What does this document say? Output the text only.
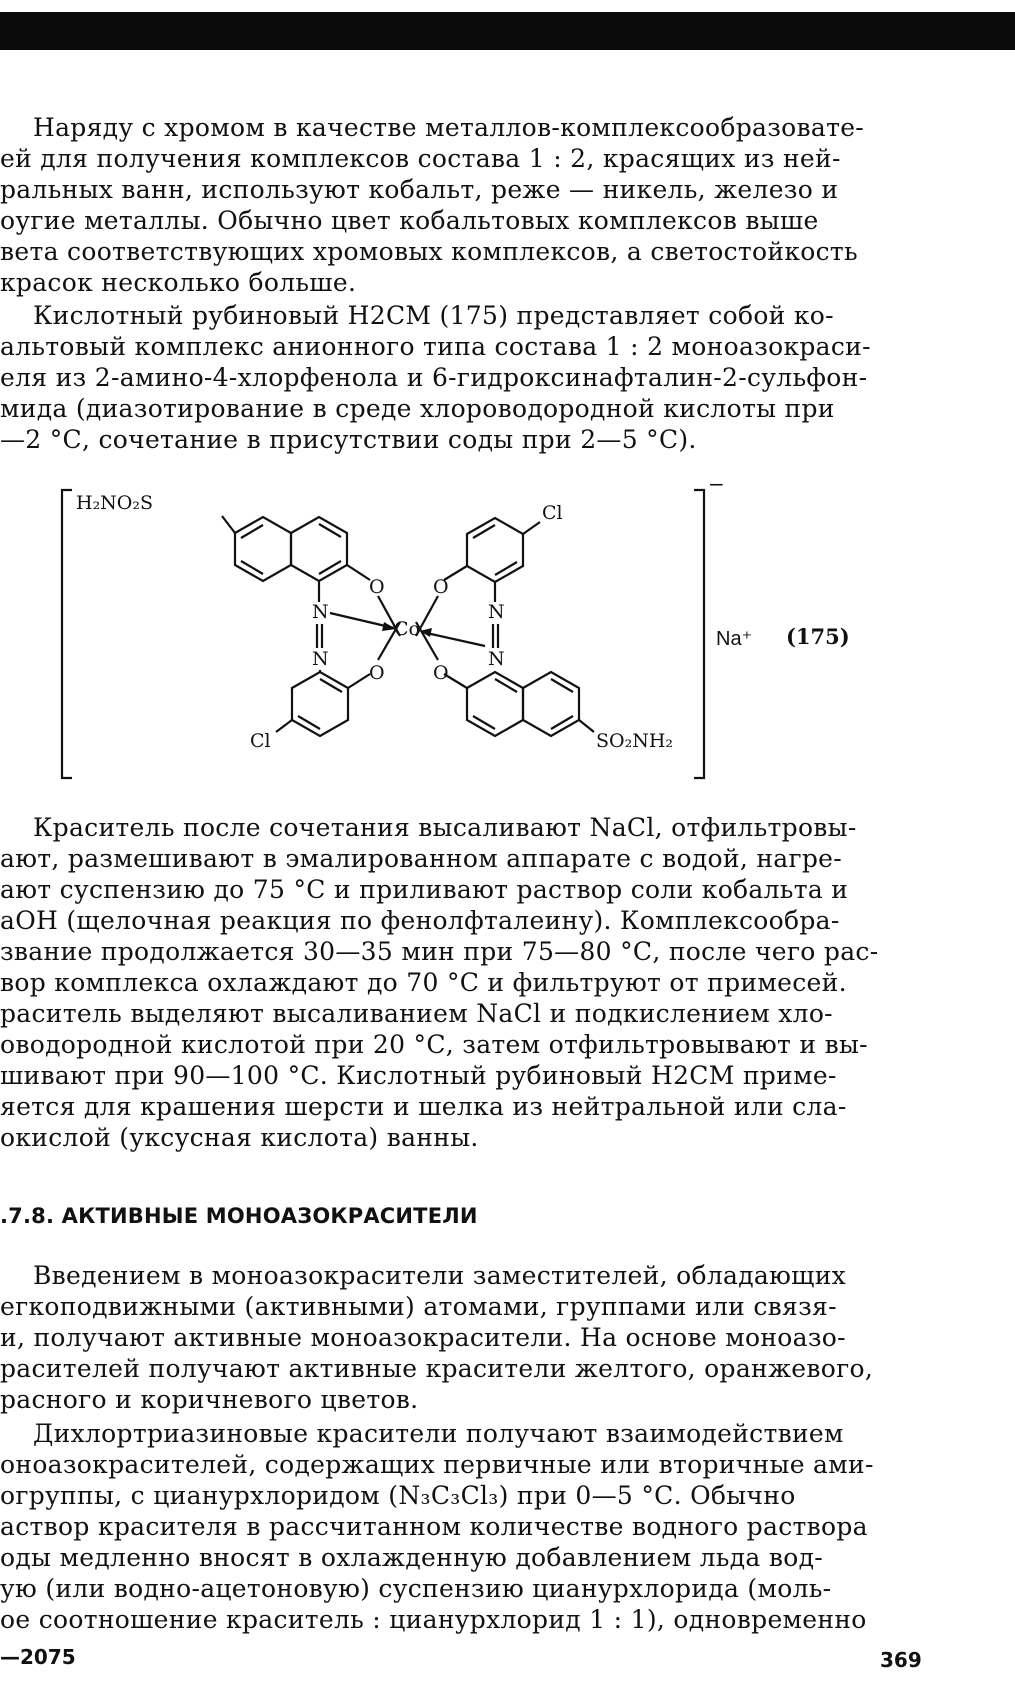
Наряду с хромом в качестве металлов-комплексообразовате-
ей для получения комплексов состава 1 : 2, красящих из ней-
ральных ванн, используют кобальт, реже — никель, железо и
оугие металлы. Обычно цвет кобальтовых комплексов выше
вета соответствующих хромовых комплексов, а светостойкость
красок несколько больше.
Кислотный рубиновый Н2СМ (175) представляет собой ко-
альтовый комплекс анионного типа состава 1 : 2 моноазокраси-
еля из 2-амино-4-хлорфенола и 6-гидроксинафталин-2-сульфон-
мида (диазотирование в среде хлороводородной кислоты при
—2 °С, сочетание в присутствии соды при 2—5 °С).
H₂NO₂S	Cl
O	O
N	N
Co
N	N
O	O
Cl	SO₂NH₂
−
Na⁺ (175)
Краситель после сочетания высаливают NaCl, отфильтровы-
ают, размешивают в эмалированном аппарате с водой, нагре-
ают суспензию до 75 °С и приливают раствор соли кобальта и
аОН (щелочная реакция по фенолфталеину). Комплексообра-
звание продолжается 30—35 мин при 75—80 °С, после чего рас-
вор комплекса охлаждают до 70 °С и фильтруют от примесей.
раситель выделяют высаливанием NaCl и подкислением хло-
оводородной кислотой при 20 °С, затем отфильтровывают и вы-
шивают при 90—100 °С. Кислотный рубиновый Н2СМ приме-
яется для крашения шерсти и шелка из нейтральной или сла-
окислой (уксусная кислота) ванны.
.7.8. АКТИВНЫЕ МОНОАЗОКРАСИТЕЛИ
Введением в моноазокрасители заместителей, обладающих
егкоподвижными (активными) атомами, группами или связя-
и, получают активные моноазокрасители. На основе моноазо-
расителей получают активные красители желтого, оранжевого,
расного и коричневого цветов.
Дихлортриазиновые красители получают взаимодействием
оноазокрасителей, содержащих первичные или вторичные ами-
огруппы, с цианурхлоридом (N₃C₃Cl₃) при 0—5 °С. Обычно
аствор красителя в рассчитанном количестве водного раствора
оды медленно вносят в охлажденную добавлением льда вод-
ую (или водно-ацетоновую) суспензию цианурхлорида (моль-
ое соотношение краситель : цианурхлорид 1 : 1), одновременно
—2075	369
